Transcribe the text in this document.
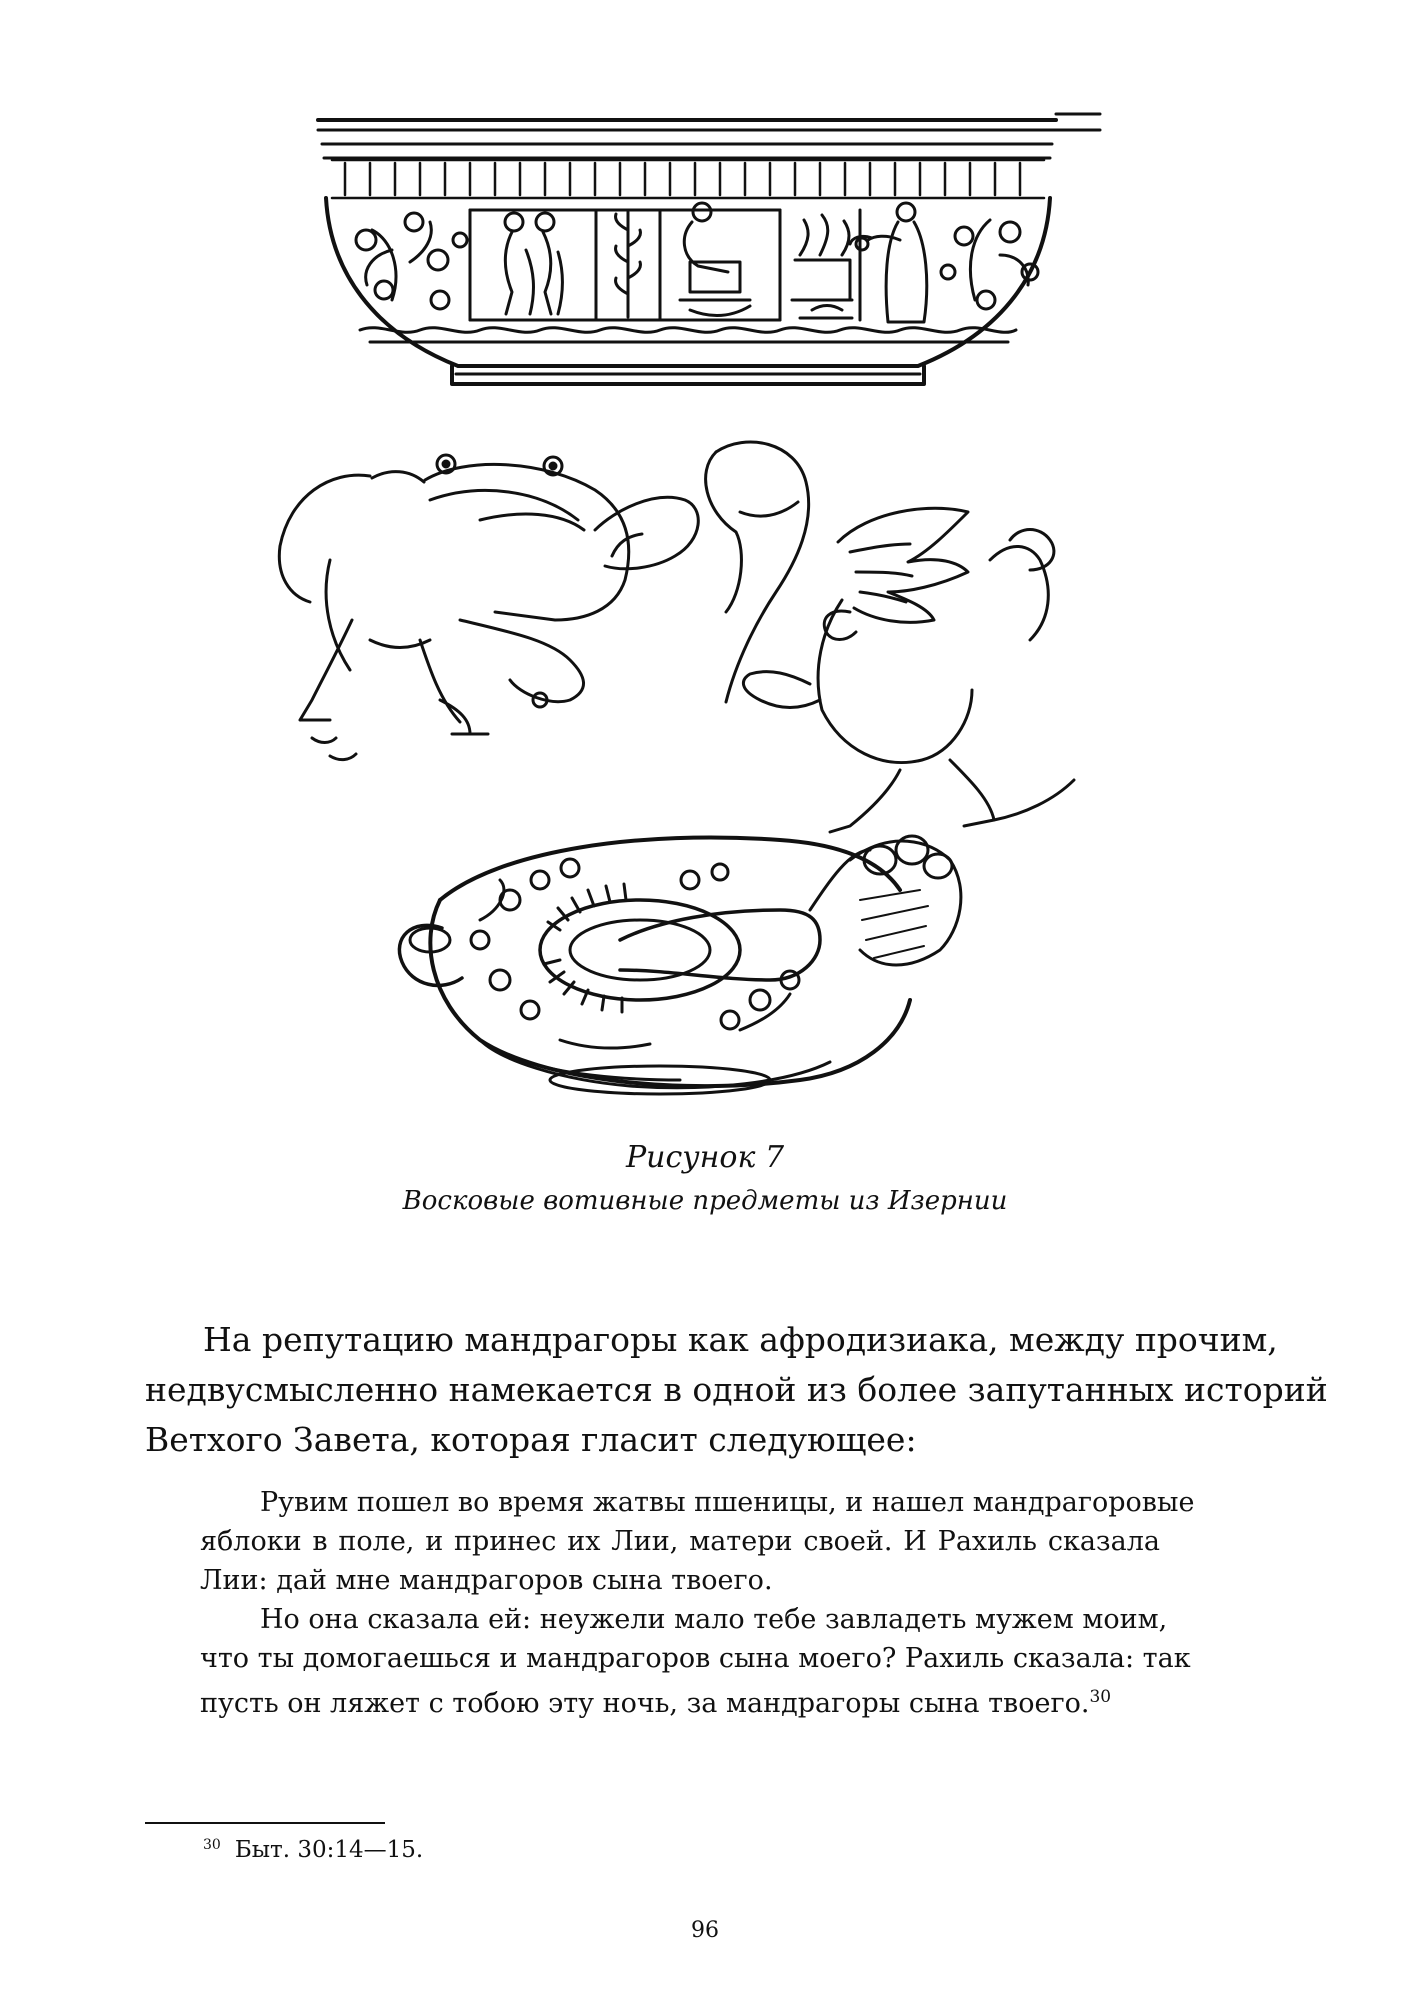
Рисунок 7
Восковые вотивные предметы из Изернии
На репутацию мандрагоры как афродизиака, между прочим,
недвусмысленно намекается в одной из более запутанных историй
Ветхого Завета, которая гласит следующее:
Рувим пошел во время жатвы пшеницы, и нашел мандрагоровые
яблоки в поле, и принес их Лии, матери своей. И Рахиль сказала
Лии: дай мне мандрагоров сына твоего.
Но она сказала ей: неужели мало тебе завладеть мужем моим,
что ты домогаешься и мандрагоров сына моего? Рахиль сказала: так
пусть он ляжет с тобою эту ночь, за мандрагоры сына твоего.$^{30}$
$^{30}$ Быт. 30:14—15.
96
